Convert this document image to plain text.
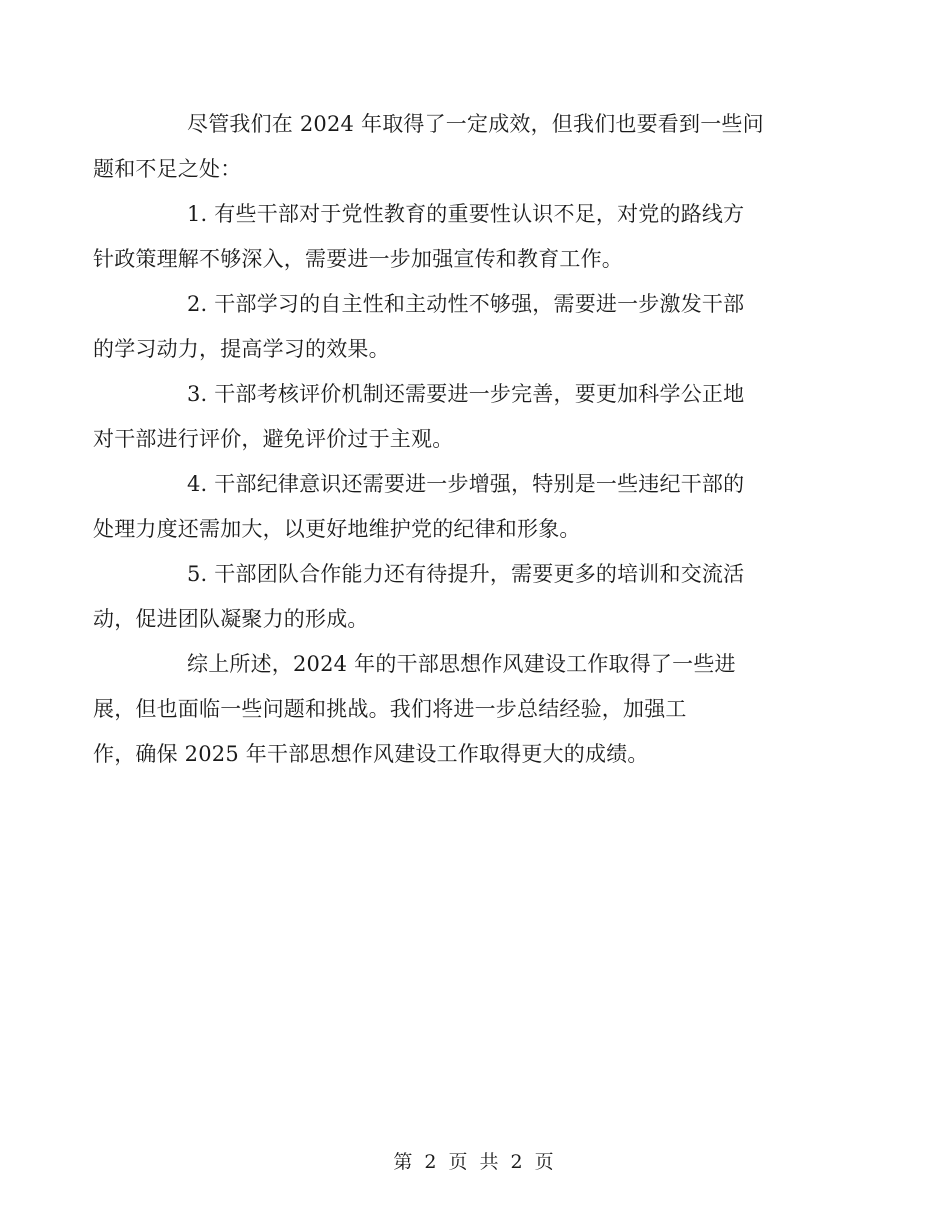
尽管我们在 2024 年取得了一定成效，但我们也要看到一些问
题和不足之处：

1. 有些干部对于党性教育的重要性认识不足，对党的路线方
针政策理解不够深入，需要进一步加强宣传和教育工作。

2. 干部学习的自主性和主动性不够强，需要进一步激发干部
的学习动力，提高学习的效果。

3. 干部考核评价机制还需要进一步完善，要更加科学公正地
对干部进行评价，避免评价过于主观。

4. 干部纪律意识还需要进一步增强，特别是一些违纪干部的
处理力度还需加大，以更好地维护党的纪律和形象。

5. 干部团队合作能力还有待提升，需要更多的培训和交流活
动，促进团队凝聚力的形成。

综上所述，2024 年的干部思想作风建设工作取得了一些进
展，但也面临一些问题和挑战。我们将进一步总结经验，加强工
作，确保 2025 年干部思想作风建设工作取得更大的成绩。

第 2 页 共 2 页
